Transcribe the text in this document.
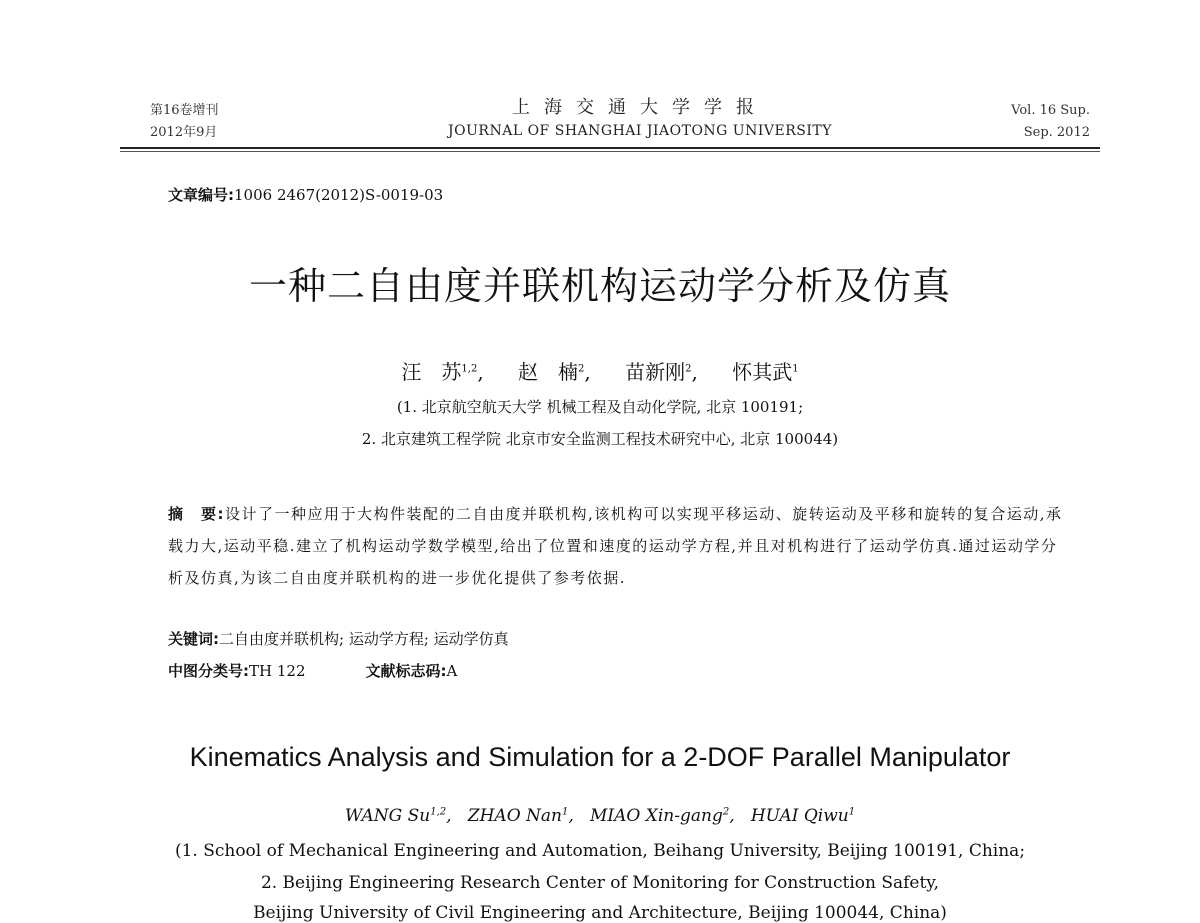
第16卷增刊
2012年9月
上海交通大学学报
JOURNAL OF SHANGHAI JIAOTONG UNIVERSITY
Vol. 16 Sup.
Sep. 2012
文章编号:1006 2467(2012)S-0019-03
一种二自由度并联机构运动学分析及仿真
汪　苏$^{1,2}$, 赵　楠$^2$, 苗新刚$^2$, 怀其武$^1$
(1. 北京航空航天大学 机械工程及自动化学院, 北京 100191;
2. 北京建筑工程学院 北京市安全监测工程技术研究中心, 北京 100044)
摘　要:设计了一种应用于大构件装配的二自由度并联机构,该机构可以实现平移运动、旋转运动及平移和旋转的复合运动,承载力大,运动平稳.建立了机构运动学数学模型,给出了位置和速度的运动学方程,并且对机构进行了运动学仿真.通过运动学分析及仿真,为该二自由度并联机构的进一步优化提供了参考依据.
关键词:二自由度并联机构; 运动学方程; 运动学仿真
中图分类号:TH 122	文献标志码:A
Kinematics Analysis and Simulation for a 2-DOF Parallel Manipulator
WANG Su$^{1,2}$,   ZHAO Nan$^1$,   MIAO Xin-gang$^2$,   HUAI Qiwu$^1$
(1. School of Mechanical Engineering and Automation, Beihang University, Beijing 100191, China;
2. Beijing Engineering Research Center of Monitoring for Construction Safety,
Beijing University of Civil Engineering and Architecture, Beijing 100044, China)
